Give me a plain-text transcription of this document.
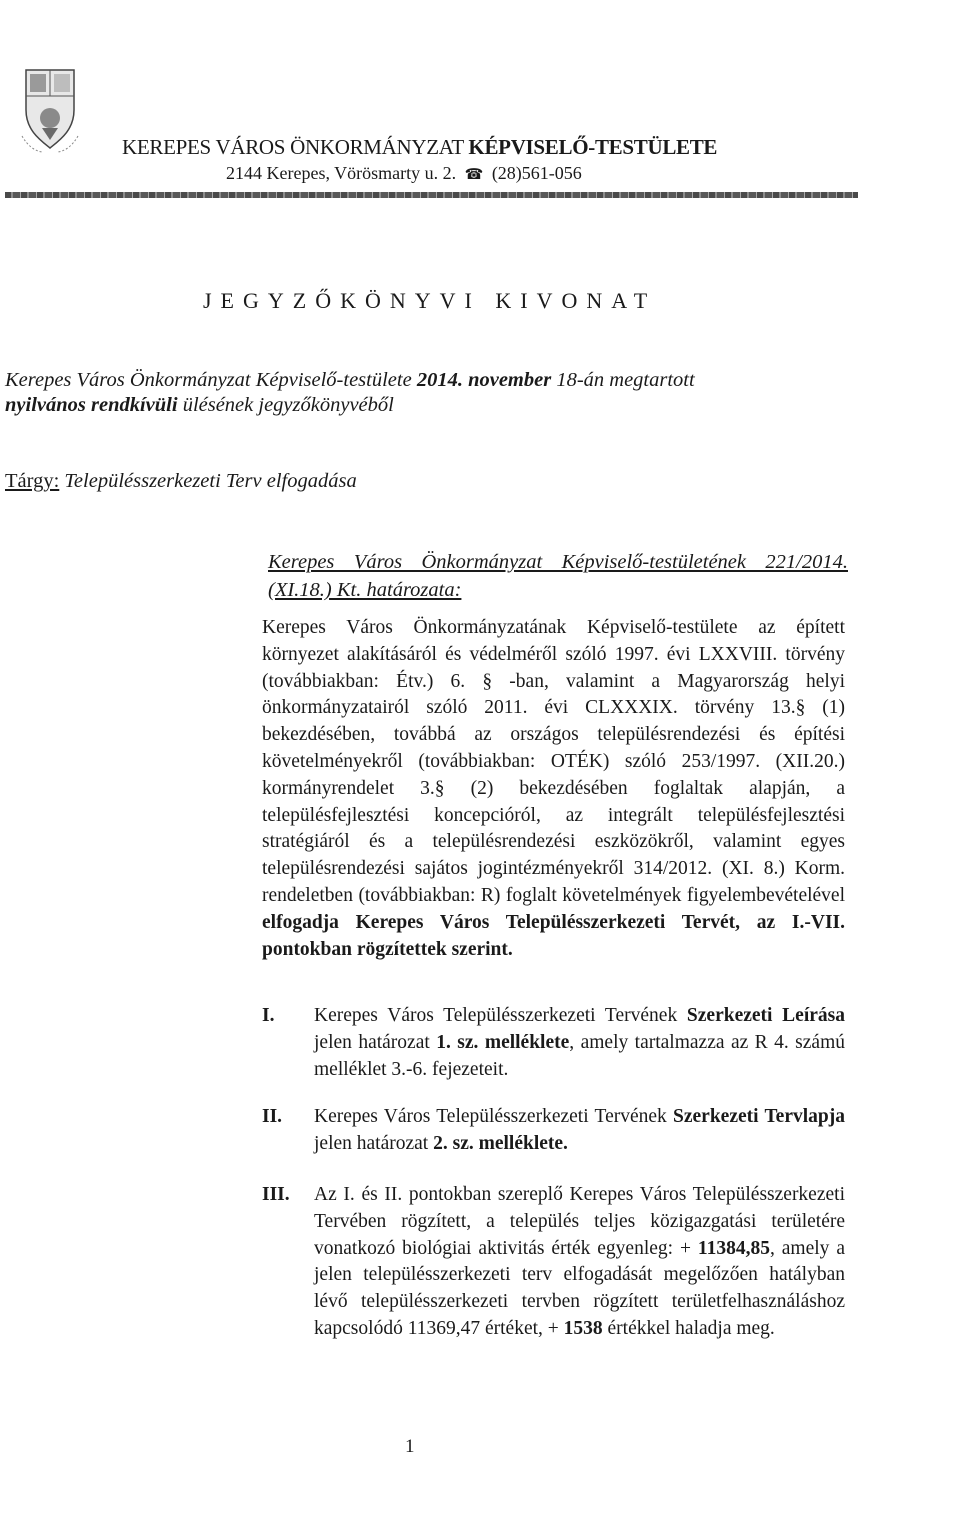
KEREPES VÁROS ÖNKORMÁNYZAT KÉPVISELŐ-TESTÜLETE
2144 Kerepes, Vörösmarty u. 2. ☎ (28)561-056
JEGYZŐKÖNYVI KIVONAT
Kerepes Város Önkormányzat Képviselő-testülete 2014. november 18-án megtartott
nyilvános rendkívüli ülésének jegyzőkönyvéből
Tárgy: Településszerkezeti Terv elfogadása
Kerepes Város Önkormányzat Képviselő-testületének 221/2014.(XI.18.) Kt. határozata:
Kerepes Város Önkormányzatának Képviselő-testülete az épített környezet alakításáról és védelméről szóló 1997. évi LXXVIII. törvény (továbbiakban: Étv.) 6. § -ban, valamint a Magyarország helyi önkormányzatairól szóló 2011. évi CLXXXIX. törvény 13.§ (1) bekezdésében, továbbá az országos településrendezési és építési követelményekről (továbbiakban: OTÉK) szóló 253/1997. (XII.20.) kormányrendelet 3.§ (2) bekezdésében foglaltak alapján, a településfejlesztési koncepcióról, az integrált településfejlesztési stratégiáról és a településrendezési eszközökről, valamint egyes településrendezési sajátos jogintézményekről 314/2012. (XI. 8.) Korm. rendeletben (továbbiakban: R) foglalt követelmények figyelembevételével elfogadja Kerepes Város Településszerkezeti Tervét, az I.-VII. pontokban rögzítettek szerint.
I. Kerepes Város Településszerkezeti Tervének Szerkezeti Leírása jelen határozat 1. sz. melléklete, amely tartalmazza az R 4. számú melléklet 3.-6. fejezeteit.
II. Kerepes Város Településszerkezeti Tervének Szerkezeti Tervlapja jelen határozat 2. sz. melléklete.
III. Az I. és II. pontokban szereplő Kerepes Város Településszerkezeti Tervében rögzített, a település teljes közigazgatási területére vonatkozó biológiai aktivitás érték egyenleg: + 11384,85, amely a jelen településszerkezeti terv elfogadását megelőzően hatályban lévő településszerkezeti tervben rögzített területfelhasználáshoz kapcsolódó 11369,47 értéket, + 1538 értékkel haladja meg.
1
